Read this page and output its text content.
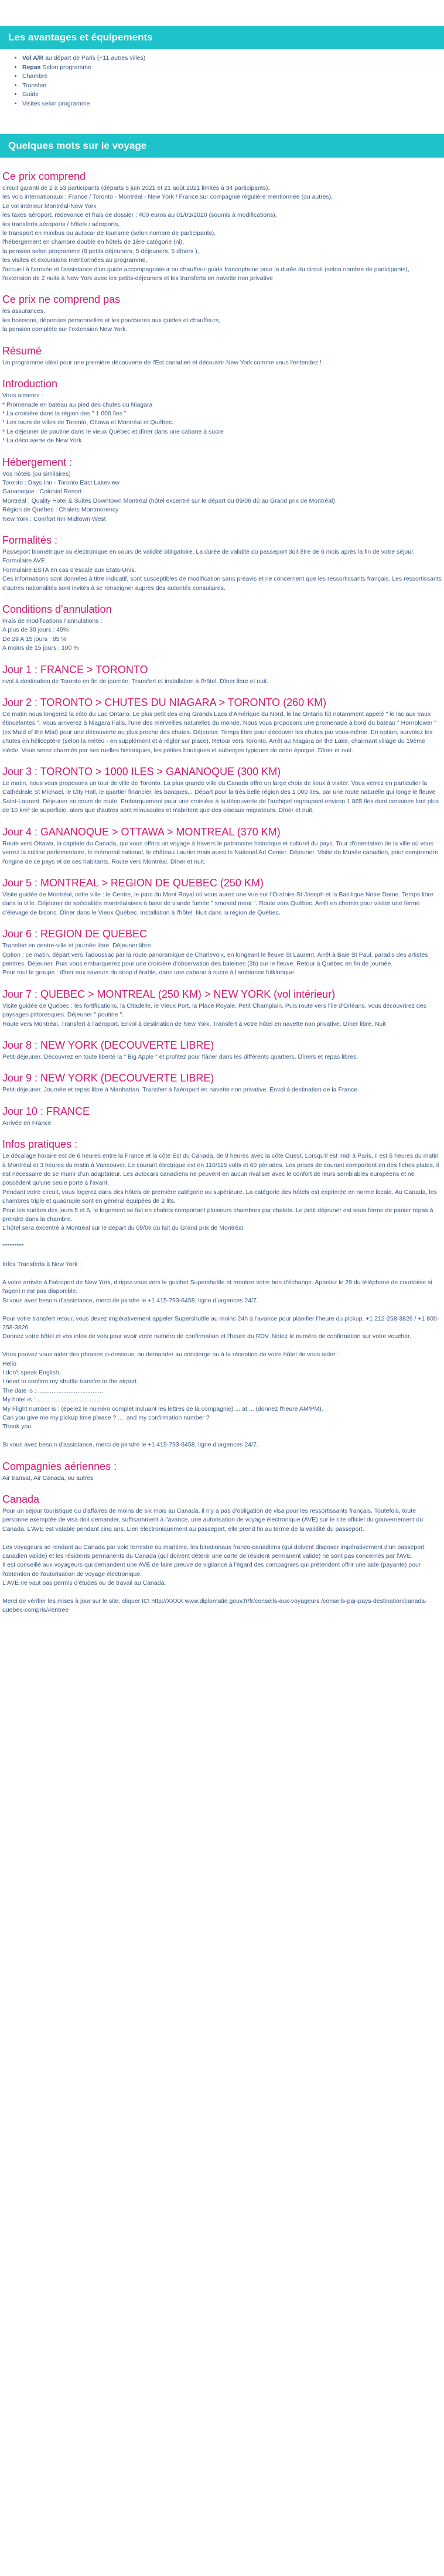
Les avantages et équipements
• Vol A/R au départ de Paris (+11 autres villes)
• Repas Selon programme
• Chambre
• Transfert
• Guide
• Visites selon programme
Quelques mots sur le voyage
Ce prix comprend

circuit garanti de 2 à 53 participants (départs 5 juin 2021 et 21 août 2021 limités à 34 participants),
les vols internationaux : France / Toronto - Montréal - New York / France sur compagnie régulière mentionnée (ou autres),
Le vol intérieur Montréal-New York
les taxes aéroport, redevance et frais de dossier : 400 euros au 01/03/2020 (soumis à modifications),
les transferts aéroports / hôtels / aéroports,
le transport en minibus ou autocar de tourisme (selon nombre de participants),
l'hébergement en chambre double en hôtels de 1ère catégorie (nl),
la pension selon programme (8 petits déjeuners, 5 déjeuners, 5 dîners ),
les visites et excursions mentionnées au programme,
l'accueil à l'arrivée et l'assistance d'un guide accompagnateur ou chauffeur-guide francophone pour la durée du circuit (selon nombre de participants),
l'extension de 2 nuits à New York avec les petits-déjeuners et les transferts en navette non privative

Ce prix ne comprend pas

les assurances,
les boissons, dépenses personnelles et les pourboires aux guides et chauffeurs,
la pension complète sur l'extension New York.

Résumé

Un programme idéal pour une première découverte de l'Est canadien et découvrir New York comme vous l'entendez !

Introduction

Vous aimerez :
* Promenade en bateau au pied des chutes du Niagara
* La croisière dans la région des " 1 000 îles "
* Les tours de villes de Toronto, Ottawa et Montréal et Québec.
* Le déjeuner de poutine dans le vieux Québec et dîner dans une cabane à sucre
* La découverte de New York

Hébergement :

Vos hôtels (ou similaires)
Toronto : Days Inn - Toronto East Lakeview
Gananoque : Colonial Resort
Montréal : Quality Hotel & Suites Downtown Montréal (hôtel excentré sur le départ du 09/06 dû au Grand prix de Montréal)
Région de Québec : Chalets Montmorency
New York : Comfort Inn Midtown West

Formalités :

Passeport biométrique ou électronique en cours de validité obligatoire. La durée de validité du passeport doit être de 6 mois après la fin de votre séjour.
Formulaire AVE
Formulaire ESTA en cas d'escale aux Etats-Unis.
Ces informations sont données à titre indicatif, sont susceptibles de modification sans préavis et ne concernent que les ressortissants français. Les ressortissants d'autres nationalités sont invités à se renseigner auprès des autorités consulaires.

Conditions d'annulation

Frais de modifications / annulations :
A plus de 30 jours : 45%
De 29 A 15 jours : 85 %
A moins de 15 jours : 100 %

Jour 1 : FRANCE > TORONTO

nvol à destination de Toronto en fin de journée. Transfert et installation à l'hôtel. Dîner libre et nuit.

Jour 2 : TORONTO > CHUTES DU NIAGARA > TORONTO (260 KM)

Ce matin nous longerez la côte du Lac Ontario. Le plus petit des cinq Grands Lacs d'Amérique du Nord, le lac Ontario fût notamment appelé " le lac aux eaux étincelantes ". Vous arriverez à Niagara Falls, l'une des merveilles naturelles du monde. Nous vous proposons une promenade à bord du bateau " Hornblower " (ex Maid of the Mist) pour une découverte au plus proche des chutes. Déjeuner. Temps libre pour découvrir les chutes par vous-même. En option, survolez les chutes en hélicoptère (selon la météo - en supplément et à régler sur place). Retour vers Toronto. Arrêt au Niagara on the Lake, charmant village du 19ème siècle. Vous serez charmés par ses ruelles historiques, les petites boutiques et auberges typiques de cette époque. Dîner et nuit.

Jour 3 : TORONTO > 1000 ILES > GANANOQUE (300 KM)

Le matin, nous vous proposons un tour de ville de Toronto. La plus grande ville du Canada offre un large choix de lieux à visiter. Vous verrez en particulier la Cathédrale St Michael, le City Hall, le quartier financier, les banques... Départ pour la très belle région des 1 000 Iles, par une route naturelle qui longe le fleuve Saint-Laurent. Déjeuner en cours de route. Embarquement pour une croisière à la découverte de l'archipel regroupant environ 1 865 îles dont certaines font plus de 10 km² de superficie, alors que d'autres sont minuscules et n'abritent que des oiseaux migrateurs. Dîner et nuit.

Jour 4 : GANANOQUE > OTTAWA > MONTREAL (370 KM)

Route vers Ottawa, la capitale du Canada, qui vous offrira un voyage à travers le patrimoine historique et culturel du pays. Tour d'orientation de la ville où vous verrez la colline parlementaire, le mémorial national, le château Laurier mais aussi le National Art Center. Déjeuner. Visite du Musée canadien, pour comprendre l'origine de ce pays et de ses habitants. Route vers Montréal. Dîner et nuit.

Jour 5 : MONTREAL > REGION DE QUEBEC (250 KM)

Visite guidée de Montréal, cette ville : le Centre, le parc du Mont Royal où vous aurez une vue sur l'Oratoire St Joseph et la Basilique Notre Dame. Temps libre dans la ville. Déjeuner de spécialités montréalaises à base de viande fumée " smoked meat ". Route vers Québec. Arrêt en chemin pour visiter une ferme d'élevage de bisons. Dîner dans le Vieux Québec. Installation à l'hôtel. Nuit dans la région de Québec.

Jour 6 : REGION DE QUEBEC

Transfert en centre-ville et journée libre. Déjeuner libre.
Option : ce matin, départ vers Tadoussac par la route panoramique de Charlevoix, en longeant le fleuve St Laurent. Arrêt à Baie St Paul, paradis des artistes peintres. Déjeuner. Puis vous embarquerez pour une croisière d'observation des baleines (3h) sur le fleuve. Retour à Québec en fin de journée.
Pour tout le groupe : dîner aux saveurs du sirop d'érable, dans une cabane à sucre à l'ambiance folklorique.

Jour 7 : QUEBEC > MONTREAL (250 KM) > NEW YORK (vol intérieur)

Visite guidée de Québec : les fortifications, la Citadelle, le Vieux Port, la Place Royale, Petit Champlain. Puis route vers l'île d'Orléans, vous découvrirez des paysages pittoresques. Déjeuner " poutine ".
Route vers Montréal. Transfert à l'aéroport. Envol à destination de New York. Transfert à votre hôtel en navette non privative. Dîner libre. Nuit

Jour 8 : NEW YORK (DECOUVERTE LIBRE)

Petit-déjeuner. Découvrez en toute liberté la " Big Apple " et profitez pour flâner dans les différents quartiers. Dîners et repas libres.

Jour 9 : NEW YORK (DECOUVERTE LIBRE)

Petit-déjeuner. Journée et repas libre à Manhattan. Transfert à l'aéroport en navette non privative. Envol à destination de la France.

Jour 10 : FRANCE

Arrivée en France

Infos pratiques :

Le décalage horaire est de 6 heures entre la France et la côte Est du Canada, de 9 heures avec la côte Ouest. Lorsqu'il est midi à Paris, il est 6 heures du matin à Montréal et 3 heures du matin à Vancouver. Le courant électrique est en 110/115 volts et 60 périodes. Les prises de courant comportent en des fiches plates, il est nécessaire de se munir d'un adaptateur. Les autocars canadiens ne peuvent en aucun rivaliser avec le confort de leurs semblables européens et ne possèdent qu'une seule porte à l'avant.
Pendant votre circuit, vous logerez dans des hôtels de première catégorie ou supérieure. La catégorie des hôtels est exprimée en norme locale. Au Canada, les chambres triple et quadruple sont en général équipées de 2 lits.
Pour les sudites des jours 5 et 6, le logement se fait en chalets comportant plusieurs chambres par chalets. Le petit déjeuner est sous forme de panier repas à prendre dans la chambre.
L'hôtel sera excentré à Montréal sur le départ du 09/06 du fait du Grand prix de Montréal.

*********

Infos Transferts à New York :

A votre arrivée à l'aéroport de New York, dirigez-vous vers le guichet Supershuttle et montrer votre bon d'échange. Appelez le 29 du téléphone de courtoisie si l'agent n'est pas disponible.
Si vous avez besoin d'assistance, merci de joindre le +1 415-793-6458, ligne d'urgences 24/7.

Pour votre transfert retour, vous devez impérativement appeler Supershuttle au moins 24h à l'avance pour planifier l'heure du pickup. +1 212-258-3826 / +1 800-258-3826.
Donnez votre hôtel et vos infos de vols pour avoir votre numéro de confirmation et l'heure du RDV. Notez le numéro de confirmation sur votre voucher.

Vous pouvez vous aider des phrases ci-dessous, ou demander au concierge ou à la réception de votre hôtel de vous aider :
Hello
I don't speak English.
I need to confirm my shuttle transfer to the airport.
The date is : ......................................
My hotel is : ......................................
My Flight number is : (épelez le numéro complet incluant les lettres de la compagnie) ... at ... (donnez l'heure AM/PM).
Can you give me my pickup time please ? .... and my confirmation number ?
Thank you.

Si vous avez besoin d'assistance, merci de joindre le +1 415-793-6458, ligne d'urgences 24/7.

Compagnies aériennes :

Air transat, Air Canada, ou autres

Canada

Pour un séjour touristique ou d'affaires de moins de six mois au Canada, il n'y a pas d'obligation de visa pour les ressortissants français. Toutefois, toute personne exemptée de visa doit demander, suffisamment à l'avance, une autorisation de voyage électronique (AVE) sur le site officiel du gouvernement du Canada. L'AVE est valable pendant cinq ans. Lien électroniquement au passeport, elle prend fin au terme de la validité du passeport.

Les voyageurs se rendant au Canada par voie terrestre ou maritime, les binationaux franco-canadiens (qui doivent disposer impérativement d'un passeport canadien valide) et les résidents permanents du Canada (qui doivent détenir une carte de résident permanent valide) ne sont pas concernés par l'AVE.
Il est conseillé aux voyageurs qui demandent une AVE de faire preuve de vigilance à l'égard des compagnies qui prétendent offrir une aide (payante) pour l'obtention de l'autorisation de voyage électronique.
L'AVE ne vaut pas permis d'études ou de travail au Canada.

Merci de vérifier les mises à jour sur le site, cliquer ICI http://XXXX www.diplomatie.gouv.fr/fr/conseils-aux-voyageurs /conseils-par-pays-destination/canada-quebec-compris/#entree
